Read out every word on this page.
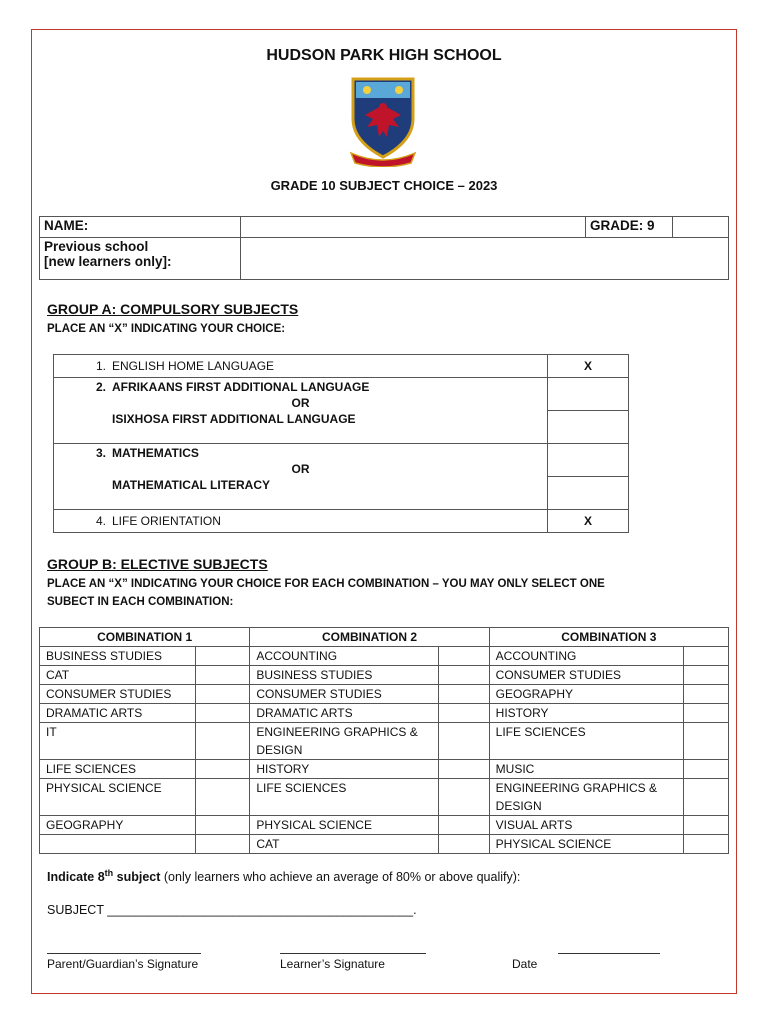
HUDSON PARK HIGH SCHOOL
GRADE 10 SUBJECT CHOICE – 2023
NAME:		GRADE: 9	

Previous school
[new learners only]:			

GROUP A: COMPULSORY SUBJECTS
PLACE AN “X” INDICATING YOUR CHOICE:
1. ENGLISH HOME LANGUAGE	X

2. AFRIKAANS FIRST ADDITIONAL LANGUAGE
OR
ISIXHOSA FIRST ADDITIONAL LANGUAGE	

3. MATHEMATICS
OR
MATHEMATICAL LITERACY	

4. LIFE ORIENTATION	X
GROUP B: ELECTIVE SUBJECTS
PLACE AN “X” INDICATING YOUR CHOICE FOR EACH COMBINATION – YOU MAY ONLY SELECT ONE
SUBECT IN EACH COMBINATION:
COMBINATION 1		COMBINATION 2		COMBINATION 3	
BUSINESS STUDIES		ACCOUNTING		ACCOUNTING	
CAT		BUSINESS STUDIES		CONSUMER STUDIES	
CONSUMER STUDIES		CONSUMER STUDIES		GEOGRAPHY	
DRAMATIC ARTS		DRAMATIC ARTS		HISTORY	
IT		ENGINEERING GRAPHICS & DESIGN		LIFE SCIENCES	
LIFE SCIENCES		HISTORY		MUSIC	
PHYSICAL SCIENCE		LIFE SCIENCES		ENGINEERING GRAPHICS & DESIGN	
GEOGRAPHY		PHYSICAL SCIENCE		VISUAL ARTS	
		CAT		PHYSICAL SCIENCE	
Indicate 8th subject (only learners who achieve an average of 80% or above qualify):
SUBJECT ____________________________________________.
Parent/Guardian’s Signature	Learner’s Signature	Date
